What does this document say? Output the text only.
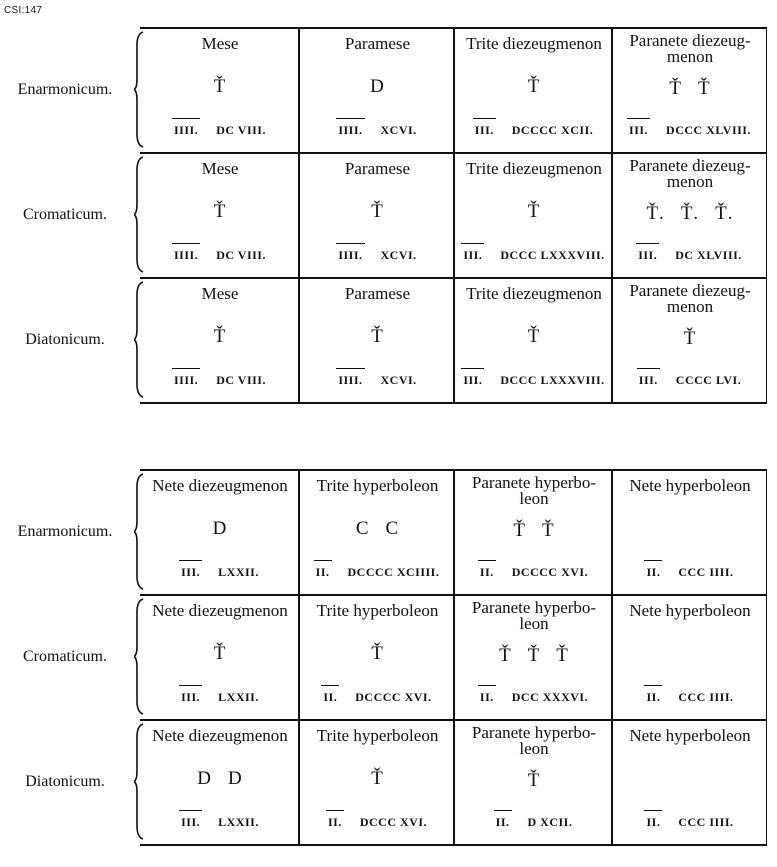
CSI:147
Mese
Ť
IIII. DC VIII.
Paramese
D
IIII. XCVI.
Trite diezeugmenon
Ť
III. DCCCC XCII.
Paranete diezeug-
menon
Ť Ť
III. DCCC XLVIII.
Mese
Ť
IIII. DC VIII.
Paramese
Ť
IIII. XCVI.
Trite diezeugmenon
Ť
III. DCCC LXXXVIII.
Paranete diezeug-
menon
Ť. Ť. Ť.
III. DC XLVIII.
Mese
Ť
IIII. DC VIII.
Paramese
Ť
IIII. XCVI.
Trite diezeugmenon
Ť
III. DCCC LXXXVIII.
Paranete diezeug-
menon
Ť
III. CCCC LVI.
Nete diezeugmenon
D
III. LXXII.
Trite hyperboleon
C C
II. DCCCC XCIIII.
Paranete hyperbo-
leon
Ť Ť
II. DCCCC XVI.
Nete hyperboleon
II. CCC IIII.
Nete diezeugmenon
Ť
III. LXXII.
Trite hyperboleon
Ť
II. DCCCC XVI.
Paranete hyperbo-
leon
Ť Ť Ť
II. DCC XXXVI.
Nete hyperboleon
II. CCC IIII.
Nete diezeugmenon
D D
III. LXXII.
Trite hyperboleon
Ť
II. DCCC XVI.
Paranete hyperbo-
leon
Ť
II. D XCII.
Nete hyperboleon
II. CCC IIII.
Enarmonicum.
Cromaticum.
Diatonicum.
Enarmonicum.
Cromaticum.
Diatonicum.
